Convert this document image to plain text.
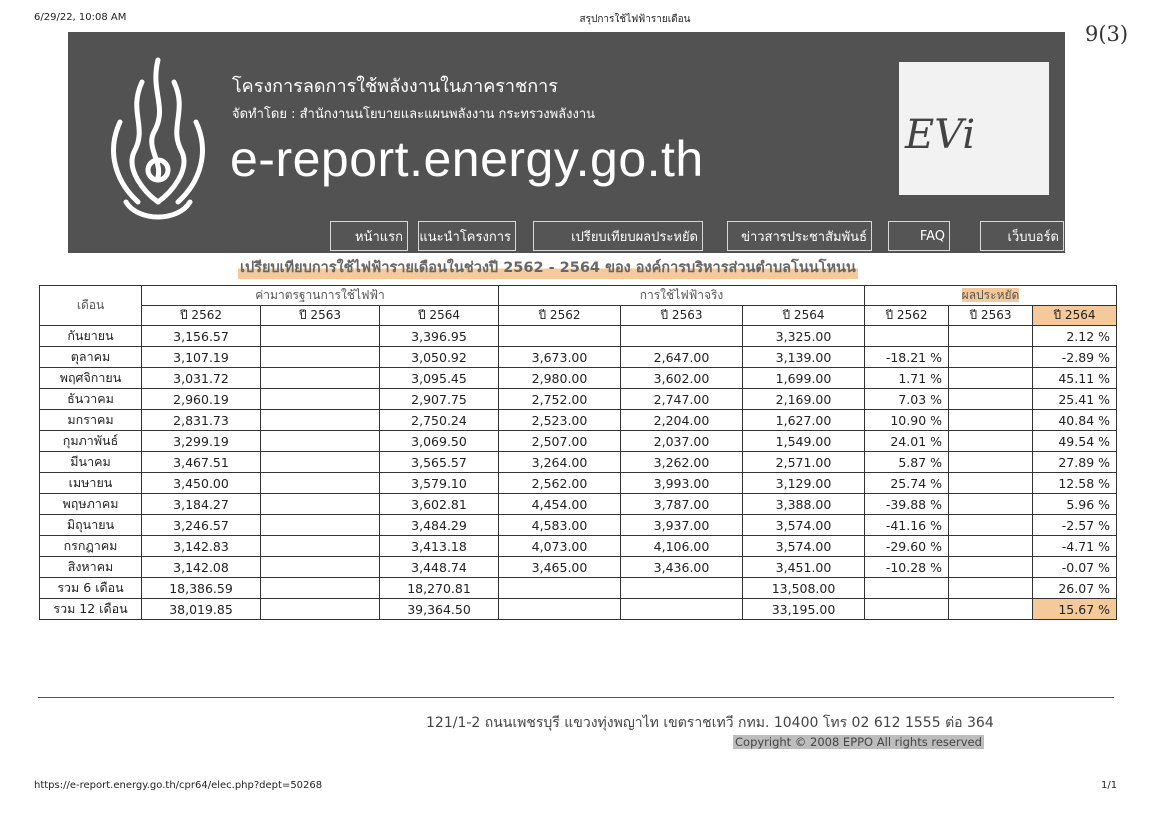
6/29/22, 10:08 AM	สรุปการใช้ไฟฟ้ารายเดือน
9(3)
โครงการลดการใช้พลังงานในภาคราชการ
จัดทำโดย : สำนักงานนโยบายและแผนพลังงาน กระทรวงพลังงาน
e-report.energy.go.th	EVi
หน้าแรก	แนะนำโครงการ	เปรียบเทียบผลประหยัด	ข่าวสารประชาสัมพันธ์	FAQ	เว็บบอร์ด
เปรียบเทียบการใช้ไฟฟ้ารายเดือนในช่วงปี 2562 - 2564 ของ องค์การบริหารส่วนตำบลโนนโหนน
เดือน	ค่ามาตรฐานการใช้ไฟฟ้า			การใช้ไฟฟ้าจริง			ผลประหยัด		
	ปี 2562	ปี 2563	ปี 2564	ปี 2562	ปี 2563	ปี 2564	ปี 2562	ปี 2563	ปี 2564
กันยายน	3,156.57		3,396.95			3,325.00			2.12 %
ตุลาคม	3,107.19		3,050.92	3,673.00	2,647.00	3,139.00	-18.21 %		-2.89 %
พฤศจิกายน	3,031.72		3,095.45	2,980.00	3,602.00	1,699.00	1.71 %		45.11 %
ธันวาคม	2,960.19		2,907.75	2,752.00	2,747.00	2,169.00	7.03 %		25.41 %
มกราคม	2,831.73		2,750.24	2,523.00	2,204.00	1,627.00	10.90 %		40.84 %
กุมภาพันธ์	3,299.19		3,069.50	2,507.00	2,037.00	1,549.00	24.01 %		49.54 %
มีนาคม	3,467.51		3,565.57	3,264.00	3,262.00	2,571.00	5.87 %		27.89 %
เมษายน	3,450.00		3,579.10	2,562.00	3,993.00	3,129.00	25.74 %		12.58 %
พฤษภาคม	3,184.27		3,602.81	4,454.00	3,787.00	3,388.00	-39.88 %		5.96 %
มิถุนายน	3,246.57		3,484.29	4,583.00	3,937.00	3,574.00	-41.16 %		-2.57 %
กรกฎาคม	3,142.83		3,413.18	4,073.00	4,106.00	3,574.00	-29.60 %		-4.71 %
สิงหาคม	3,142.08		3,448.74	3,465.00	3,436.00	3,451.00	-10.28 %		-0.07 %
รวม 6 เดือน	18,386.59		18,270.81			13,508.00			26.07 %
รวม 12 เดือน	38,019.85		39,364.50			33,195.00			15.67 %
121/1-2 ถนนเพชรบุรี แขวงทุ่งพญาไท เขตราชเทวี กทม. 10400 โทร 02 612 1555 ต่อ 364
Copyright © 2008 EPPO All rights reserved
https://e-report.energy.go.th/cpr64/elec.php?dept=50268	1/1
